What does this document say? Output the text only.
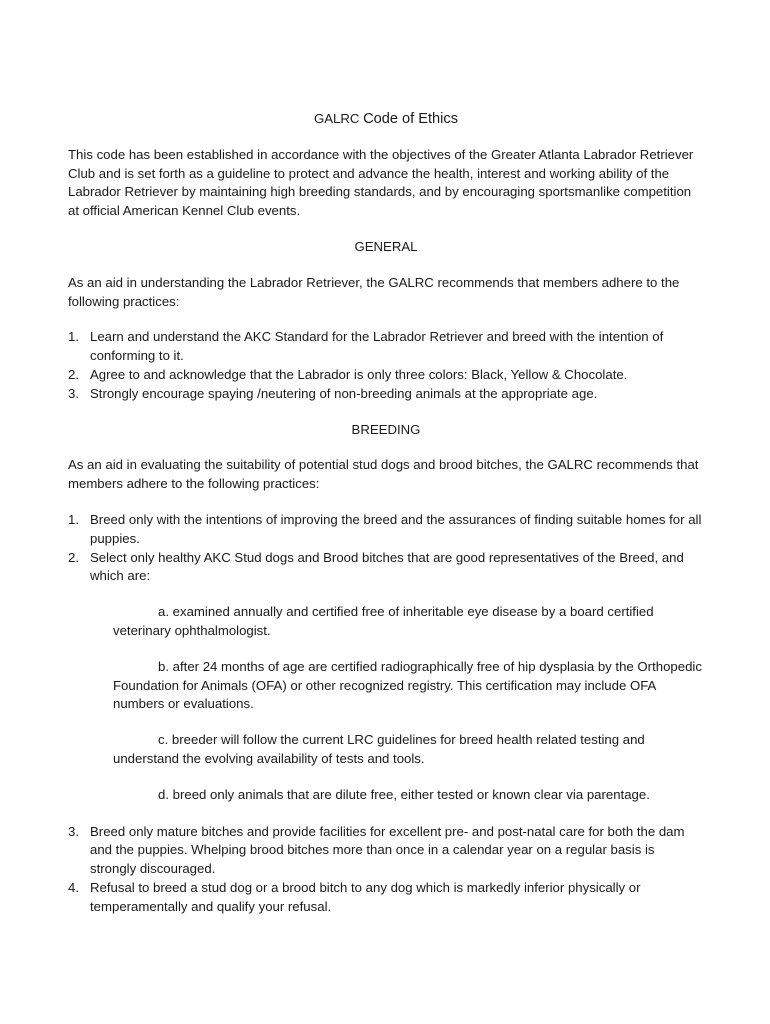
GALRC Code of Ethics

This code has been established in accordance with the objectives of the Greater Atlanta Labrador Retriever Club and is set forth as a guideline to protect and advance the health, interest and working ability of the Labrador Retriever by maintaining high breeding standards, and by encouraging sportsmanlike competition at official American Kennel Club events.

GENERAL

As an aid in understanding the Labrador Retriever, the GALRC recommends that members adhere to the following practices:

1. Learn and understand the AKC Standard for the Labrador Retriever and breed with the intention of conforming to it.
2. Agree to and acknowledge that the Labrador is only three colors: Black, Yellow & Chocolate.
3. Strongly encourage spaying /neutering of non-breeding animals at the appropriate age.
BREEDING

As an aid in evaluating the suitability of potential stud dogs and brood bitches, the GALRC recommends that members adhere to the following practices:

1. Breed only with the intentions of improving the breed and the assurances of finding suitable homes for all puppies.
2. Select only healthy AKC Stud dogs and Brood bitches that are good representatives of the Breed, and which are:
a. examined annually and certified free of inheritable eye disease by a board certified veterinary ophthalmologist.
b. after 24 months of age are certified radiographically free of hip dysplasia by the Orthopedic Foundation for Animals (OFA) or other recognized registry. This certification may include OFA numbers or evaluations.
c. breeder will follow the current LRC guidelines for breed health related testing and understand the evolving availability of tests and tools.
d. breed only animals that are dilute free, either tested or known clear via parentage.
3. Breed only mature bitches and provide facilities for excellent pre- and post-natal care for both the dam and the puppies. Whelping brood bitches more than once in a calendar year on a regular basis is strongly discouraged.
4. Refusal to breed a stud dog or a brood bitch to any dog which is markedly inferior physically or temperamentally and qualify your refusal.
